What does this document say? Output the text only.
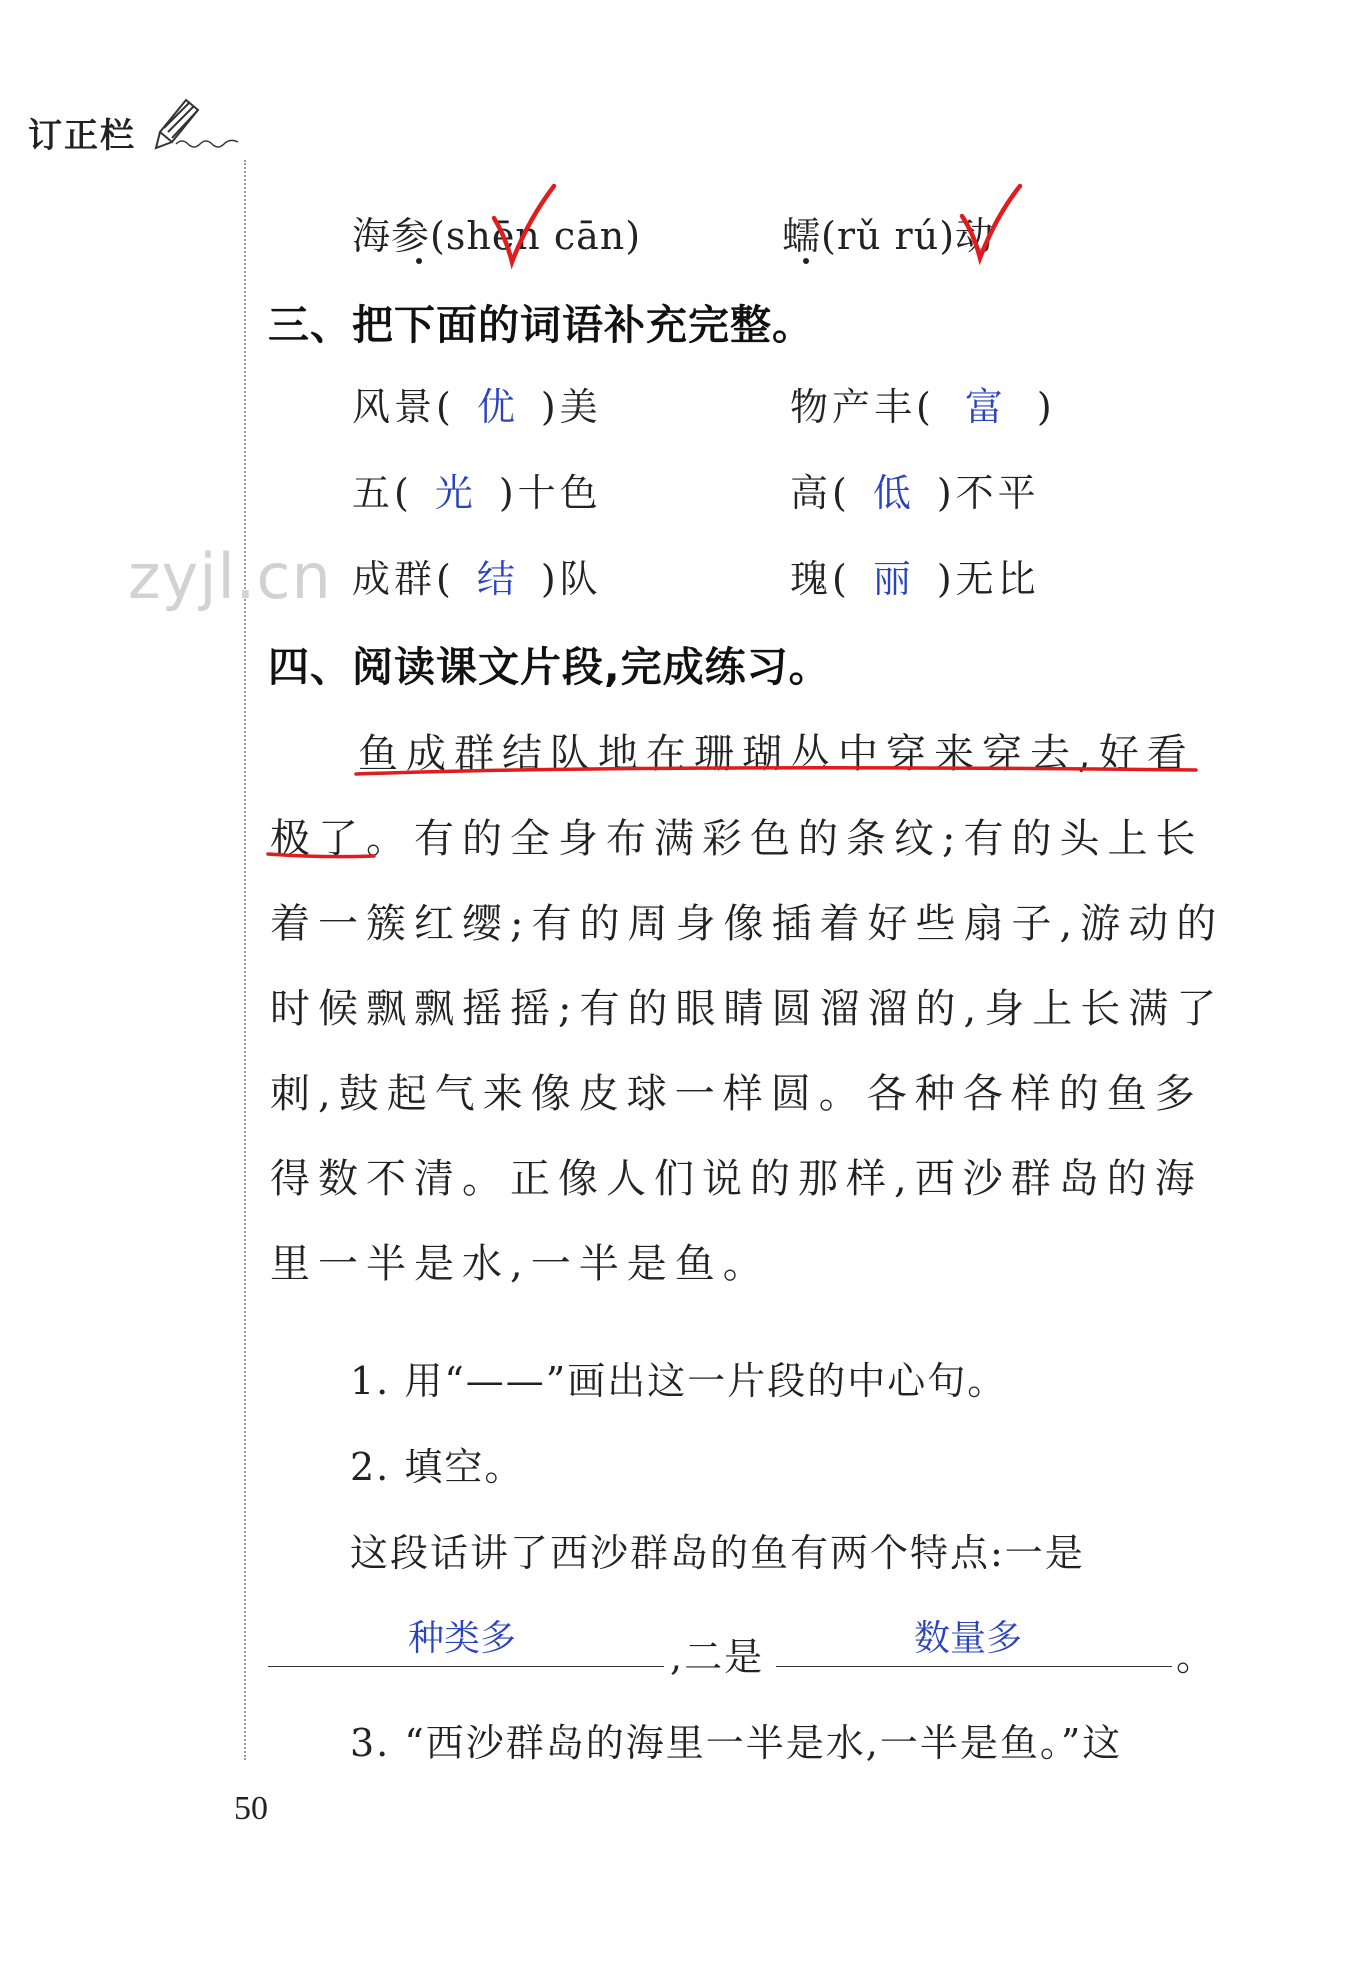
订正栏
zyjl.cn
海参(shēn cān)	蠕(rǔ rú)动
三、把下面的词语补充完整。
风景( 优 )美	物产丰( 富 )
五( 光 )十色	高( 低 )不平
成群( 结 )队	瑰( 丽 )无比
四、阅读课文片段,完成练习。
鱼成群结队地在珊瑚丛中穿来穿去,好看
极了。有的全身布满彩色的条纹;有的头上长
着一簇红缨;有的周身像插着好些扇子,游动的
时候飘飘摇摇;有的眼睛圆溜溜的,身上长满了
刺,鼓起气来像皮球一样圆。各种各样的鱼多
得数不清。正像人们说的那样,西沙群岛的海
里一半是水,一半是鱼。
1. 用“——”画出这一片段的中心句。
2. 填空。
这段话讲了西沙群岛的鱼有两个特点:一是
种类多	,二是	数量多	。
3. “西沙群岛的海里一半是水,一半是鱼。”这
50
